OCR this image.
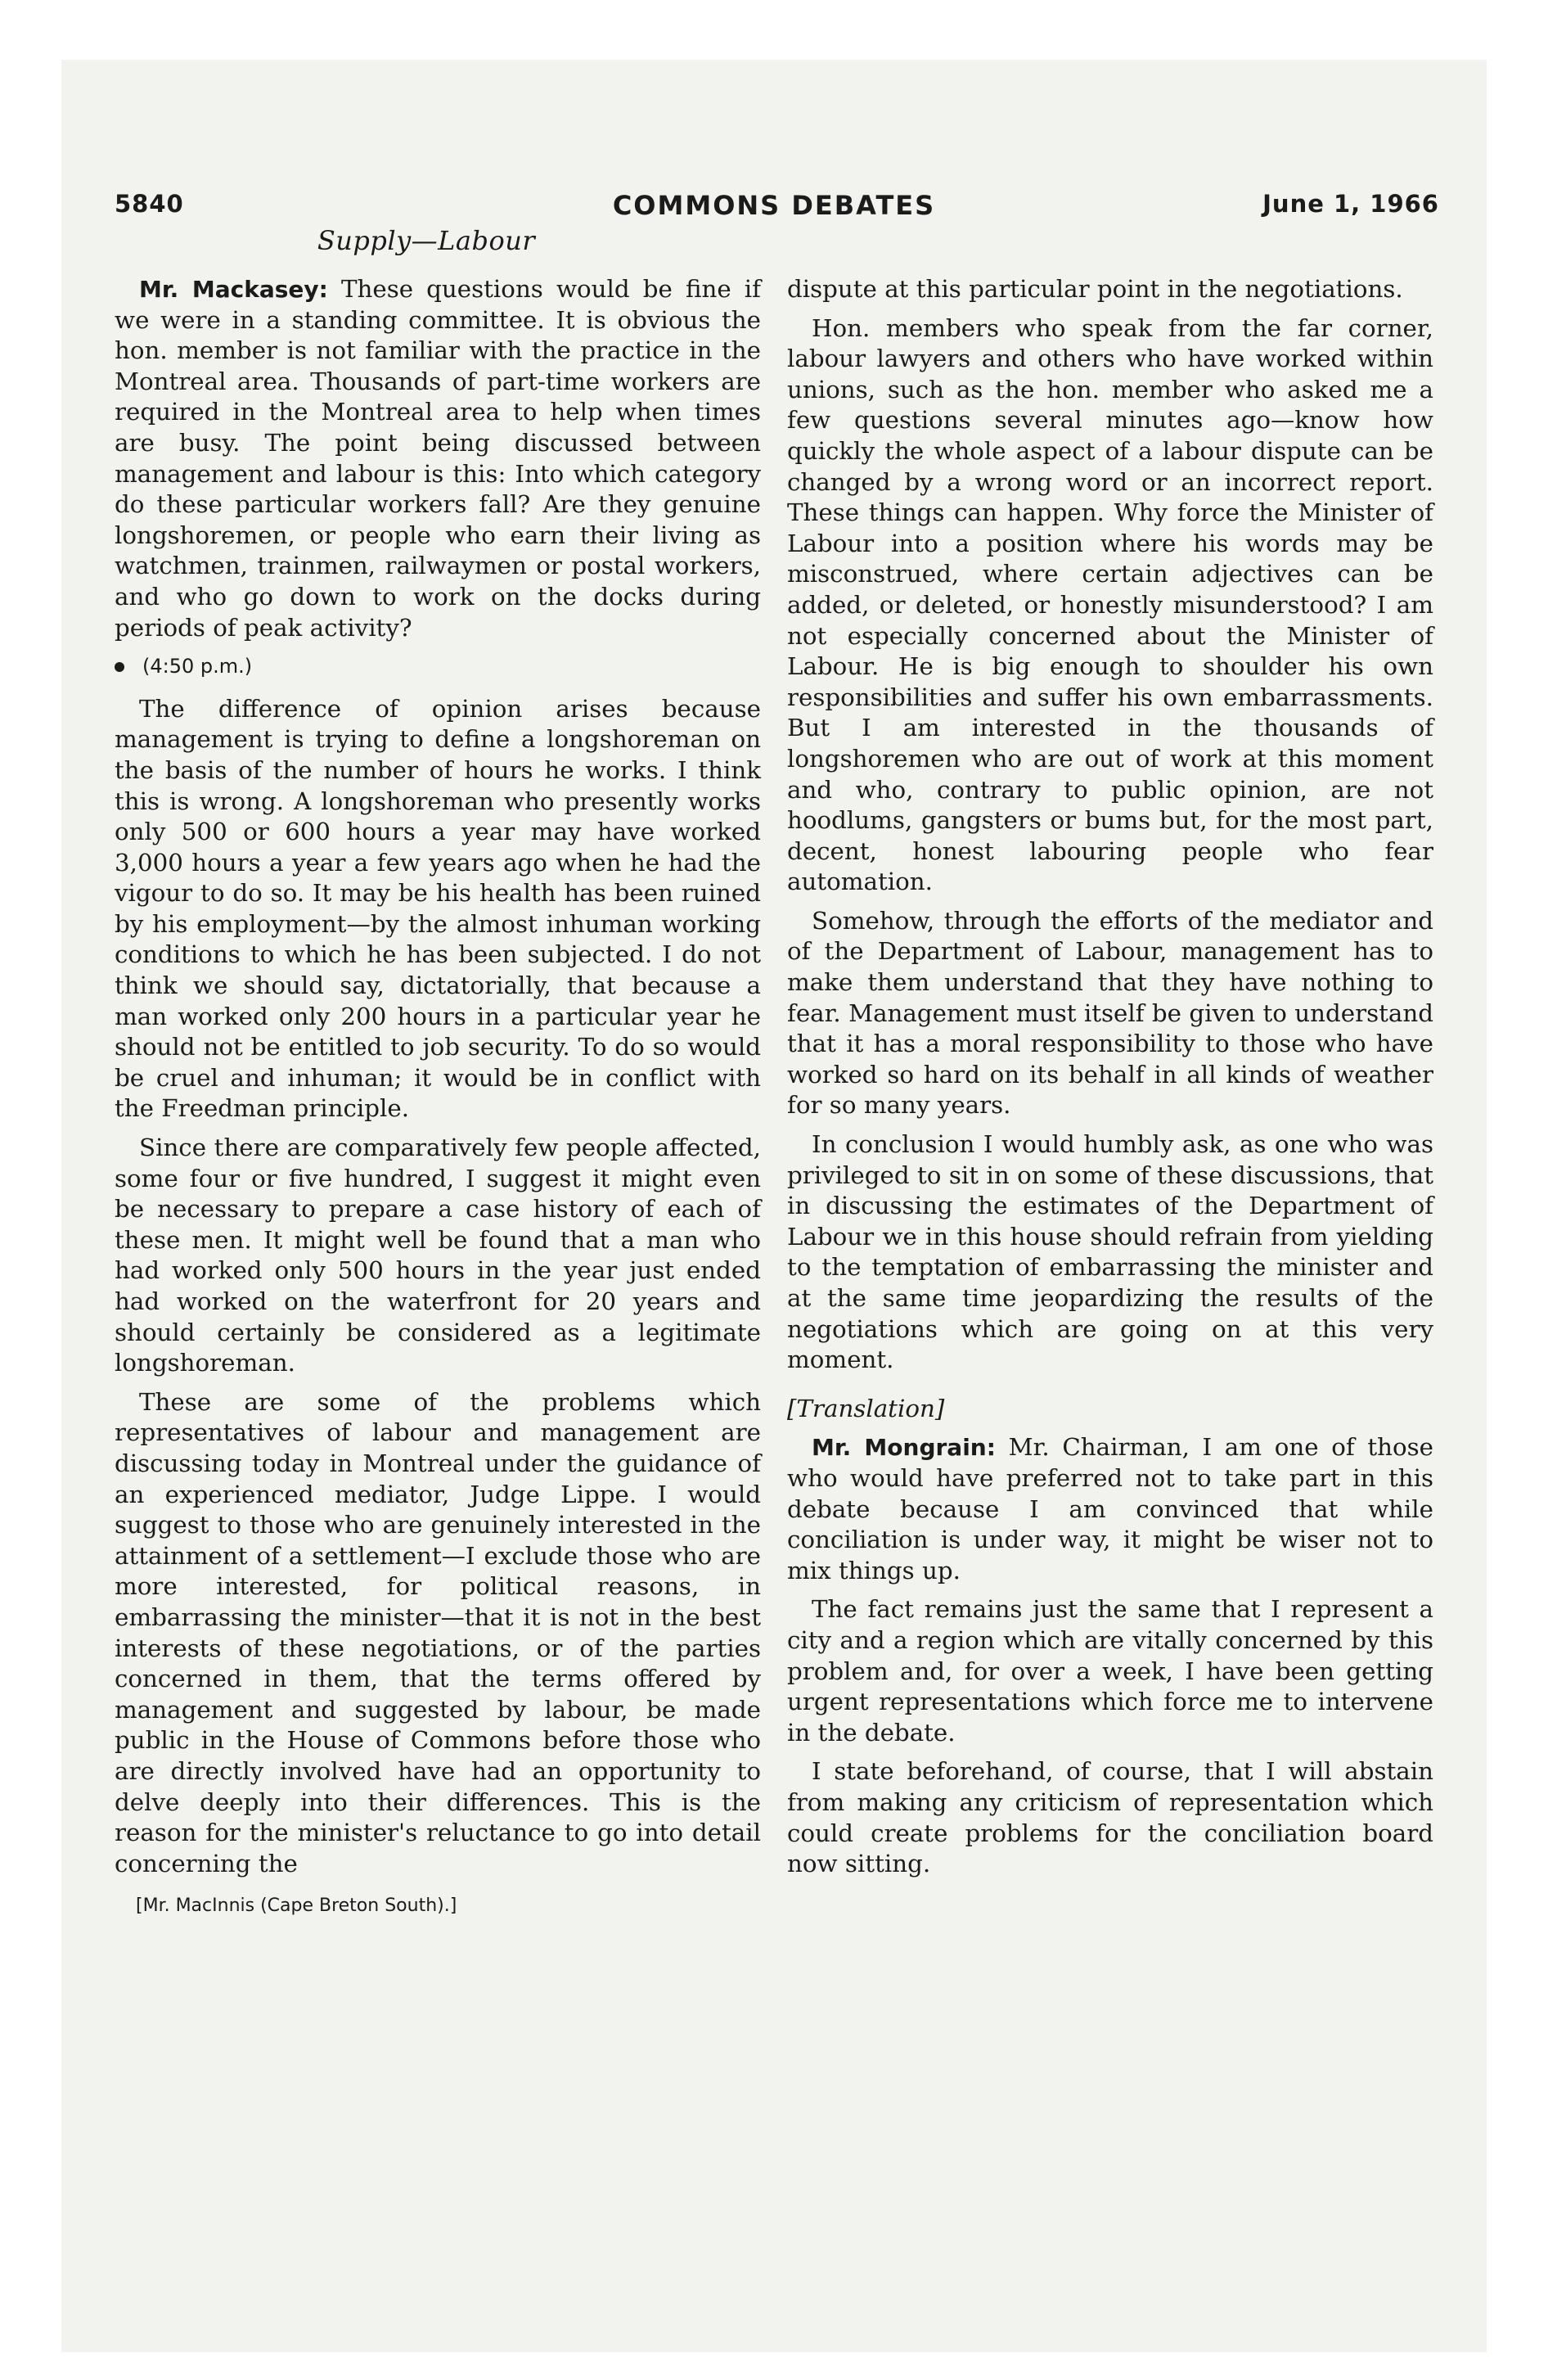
5840	COMMONS DEBATES	June 1, 1966
Supply—Labour

Mr. Mackasey: These questions would be fine if we were in a standing committee. It is obvious the hon. member is not familiar with the practice in the Montreal area. Thousands of part-time workers are required in the Montreal area to help when times are busy. The point being discussed between management and labour is this: Into which category do these particular workers fall? Are they genuine longshoremen, or people who earn their living as watchmen, trainmen, railwaymen or postal workers, and who go down to work on the docks during periods of peak activity?

(4:50 p.m.)

The difference of opinion arises because management is trying to define a longshoreman on the basis of the number of hours he works. I think this is wrong. A longshoreman who presently works only 500 or 600 hours a year may have worked 3,000 hours a year a few years ago when he had the vigour to do so. It may be his health has been ruined by his employment—by the almost inhuman working conditions to which he has been subjected. I do not think we should say, dictatorially, that because a man worked only 200 hours in a particular year he should not be entitled to job security. To do so would be cruel and inhuman; it would be in conflict with the Freedman principle.

Since there are comparatively few people affected, some four or five hundred, I suggest it might even be necessary to prepare a case history of each of these men. It might well be found that a man who had worked only 500 hours in the year just ended had worked on the waterfront for 20 years and should certainly be considered as a legitimate longshoreman.

These are some of the problems which representatives of labour and management are discussing today in Montreal under the guidance of an experienced mediator, Judge Lippe. I would suggest to those who are genuinely interested in the attainment of a settlement—I exclude those who are more interested, for political reasons, in embarrassing the minister—that it is not in the best interests of these negotiations, or of the parties concerned in them, that the terms offered by management and suggested by labour, be made public in the House of Commons before those who are directly involved have had an opportunity to delve deeply into their differences. This is the reason for the minister's reluctance to go into detail concerning the

[Mr. MacInnis (Cape Breton South).]

dispute at this particular point in the negotiations.

Hon. members who speak from the far corner, labour lawyers and others who have worked within unions, such as the hon. member who asked me a few questions several minutes ago—know how quickly the whole aspect of a labour dispute can be changed by a wrong word or an incorrect report. These things can happen. Why force the Minister of Labour into a position where his words may be misconstrued, where certain adjectives can be added, or deleted, or honestly misunderstood? I am not especially concerned about the Minister of Labour. He is big enough to shoulder his own responsibilities and suffer his own embarrassments. But I am interested in the thousands of longshoremen who are out of work at this moment and who, contrary to public opinion, are not hoodlums, gangsters or bums but, for the most part, decent, honest labouring people who fear automation.

Somehow, through the efforts of the mediator and of the Department of Labour, management has to make them understand that they have nothing to fear. Management must itself be given to understand that it has a moral responsibility to those who have worked so hard on its behalf in all kinds of weather for so many years.

In conclusion I would humbly ask, as one who was privileged to sit in on some of these discussions, that in discussing the estimates of the Department of Labour we in this house should refrain from yielding to the temptation of embarrassing the minister and at the same time jeopardizing the results of the negotiations which are going on at this very moment.

[Translation]

Mr. Mongrain: Mr. Chairman, I am one of those who would have preferred not to take part in this debate because I am convinced that while conciliation is under way, it might be wiser not to mix things up.

The fact remains just the same that I represent a city and a region which are vitally concerned by this problem and, for over a week, I have been getting urgent representations which force me to intervene in the debate.

I state beforehand, of course, that I will abstain from making any criticism of representation which could create problems for the conciliation board now sitting.
